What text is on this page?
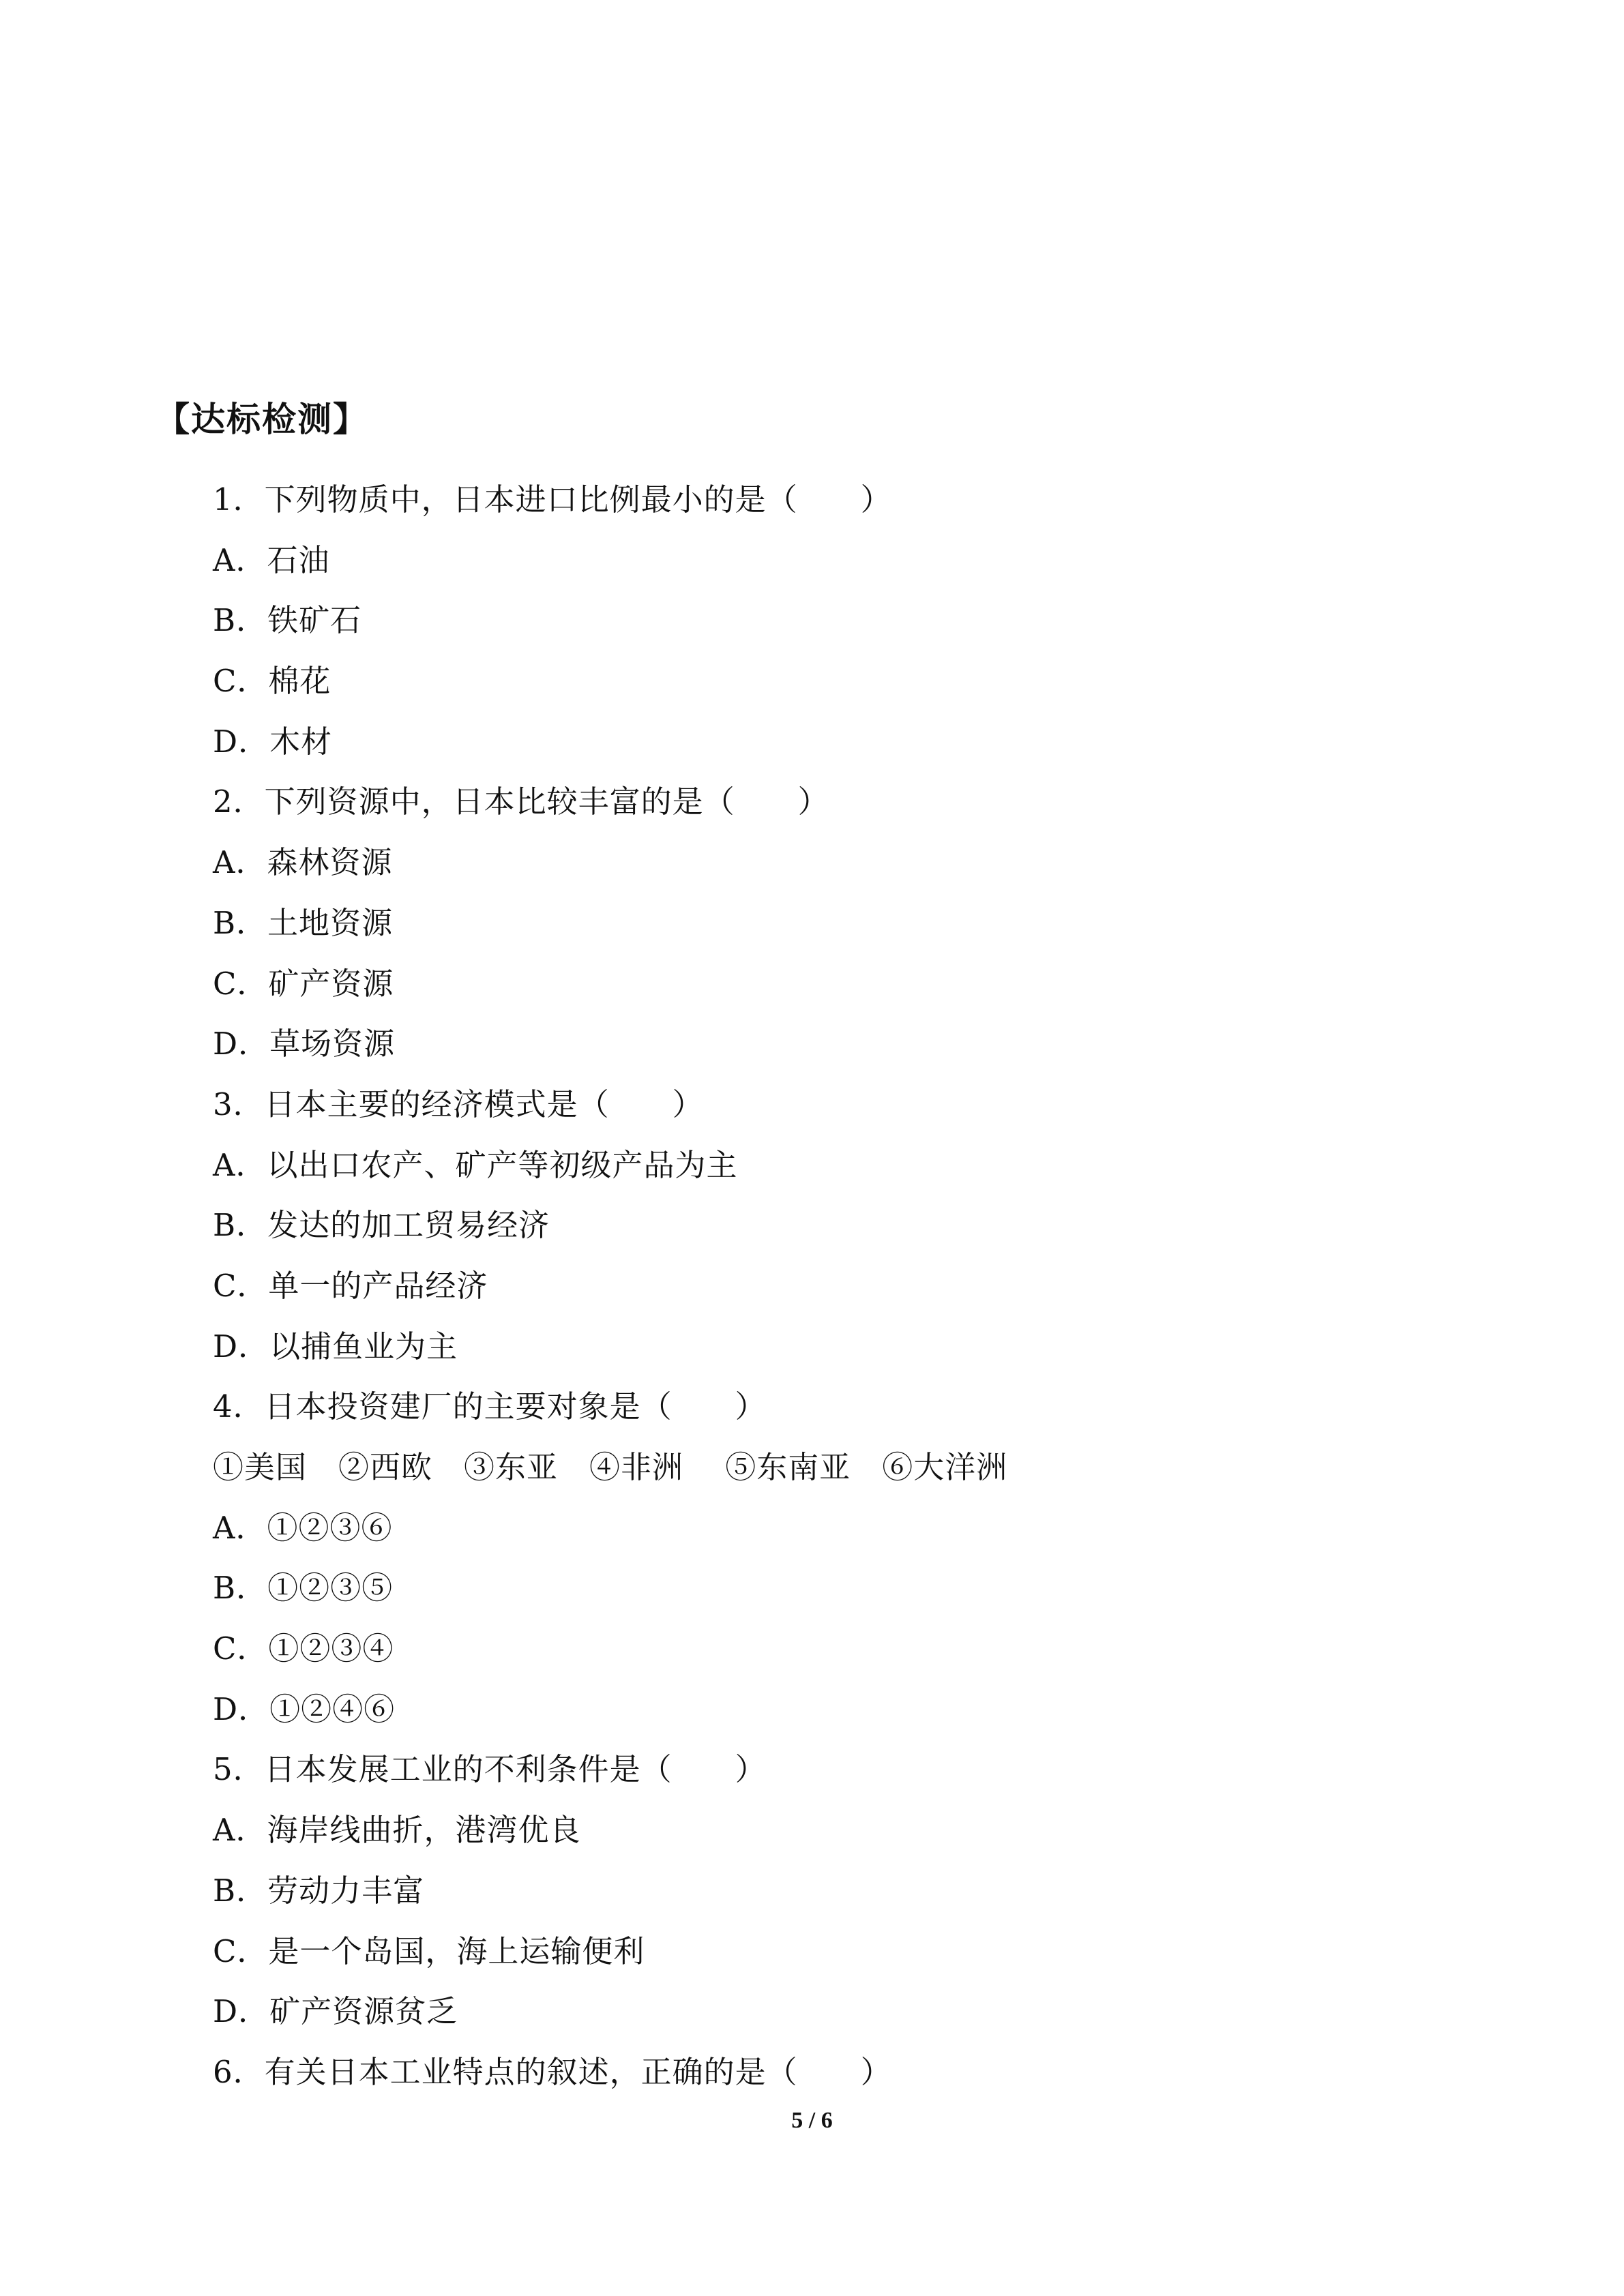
【达标检测】
1．下列物质中，日本进口比例最小的是（　　）
A．石油
B．铁矿石
C．棉花
D．木材
2．下列资源中，日本比较丰富的是（　　）
A．森林资源
B．土地资源
C．矿产资源
D．草场资源
3．日本主要的经济模式是（　　）
A．以出口农产、矿产等初级产品为主
B．发达的加工贸易经济
C．单一的产品经济
D．以捕鱼业为主
4．日本投资建厂的主要对象是（　　）
①美国　②西欧　③东亚　④非洲　 ⑤东南亚　⑥大洋洲
A．①②③⑥
B．①②③⑤
C．①②③④
D．①②④⑥
5．日本发展工业的不利条件是（　　）
A．海岸线曲折，港湾优良
B．劳动力丰富
C．是一个岛国，海上运输便利
D．矿产资源贫乏
6．有关日本工业特点的叙述，正确的是（　　）
5 / 6
